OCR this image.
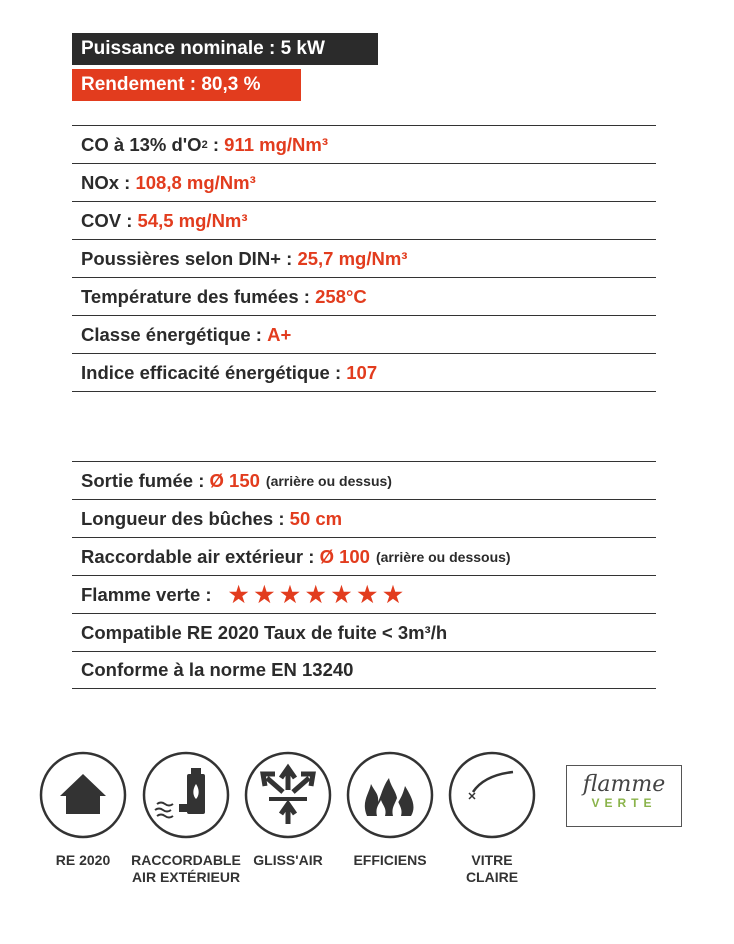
Puissance nominale : 5 kW
Rendement : 80,3 %
CO à 13% d'O 2 : 911 mg/Nm³
NOx : 108,8 mg/Nm³
COV : 54,5 mg/Nm³
Poussières selon DIN+ : 25,7 mg/Nm³
Température des fumées : 258°C
Classe énergétique : A+
Indice efficacité énergétique : 107
Sortie fumée : Ø 150 (arrière ou dessus)
Longueur des bûches : 50 cm
Raccordable air extérieur : Ø 100 (arrière ou dessous)
Flamme verte : ★★★★★★★
Compatible RE 2020 Taux de fuite < 3m³/h
Conforme à la norme EN 13240
RE 2020	RACCORDABLE
AIR EXTÉRIEUR
GLISS'AIR	EFFICIENS	VITRE
CLAIRE
flamme
VERTE
